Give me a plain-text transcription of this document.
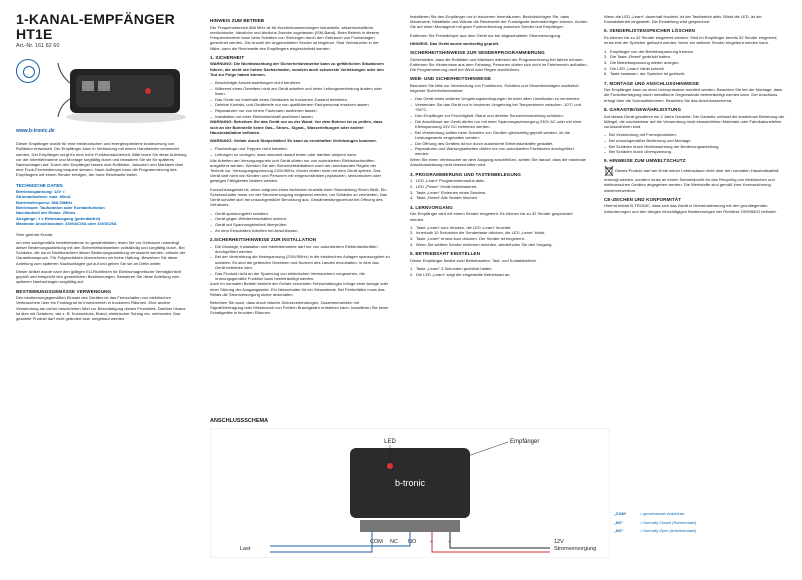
1-KANAL-EMPFÄNGER HT1E
Art.-Nr. 161 82 60
www.b-tronic.de

Dieser Empfänger wurde für eine elektronischen und energieoptimierte Ansteuerung von Rollläden entwickelt. Der Empfänger kann in Verbindung mit einem Handsender verwendet werden. Der Empfänger sorgt für eine hohe Funktionssicherheit. Bitte lesen Sie diese Anleitung vor der Inbetriebnahme und Montage sorgfältig durch und bewahren Sie sie für späteres Nachschlagen auf. Durch den Empfänger lassen sich Rollläden, Jalousien und Markisen über eine Funk-Fernbedienung bequem steuern. Nach Auflegen kann die Programmierung des Empfängers mit einem Sender erfolgen, der hohe Reichweite bietet.

TECHNISCHE DATEN
Betriebsspannung: 12V ≈
Stromaufnahme: max. 80mA
Betriebsfrequenz: 868,35MHz
Betriebsart: Taufunktion oder Kontaktfunktion
Nachlaufzeit der Relais: 250ms
Ausgänge: 1 x Relaisausgang (potentialfrei)
Maximale Anschlusslast: 230VAC/5A oder 24VDC/5A

Sehr geehrte Kunde,

um eine sachgemäße Inbetriebnahme zu gewährleisten, lesen Sie vor Gebrauch unbedingt dieser Bedienungsanleitung mit den Sicherheitshinweisen vollständig und sorgfältig durch. Bei Schäden, die durch Nichtbeachten dieser Bedienungsanleitung verursacht werden, erlischt der Garantieanspruch. Für Folgeschäden übernehmen wir keine Haftung. Bewahren Sie diese Anleitung zum späteren Nachschlagen gut auf und geben Sie sie an Dritte weiter.

Dieser Artikel wurde nach den gültigen EU-Richtlinien für Elektromagnetische Verträglichkeit geprüft und entspricht den gesetzlichen Bestimmungen. Bewahren Sie diese Anleitung zum späteren Nachschlagen sorgfältig auf.

BESTIMMUNGSGEMÄSSE VERWENDUNG

Den bestimmungsgemäßen Einsatz des Gerätes ist das Fernschalten von elektrischen Verbrauchern über ein Funksignal im Innenbereich in trockenen Räumen. Eine andere Verwendung als vorher beschrieben führt zur Beschädigung dieses Produktes. Darüber hinaus ist dies mit Gefahren, wie z. B. Kurzschluss, Brand, elektrischer Schlag etc. verbunden. Das gesamte Produkt darf nicht geändert bzw. umgebaut werden.

HINWEIS ZUM BETRIEB

Der Frequenzbereich 868 MHz ist für Kurzfunkanwendungen industrielle, wissenschaftliche, medizinische, häusliche und ähnliche Zwecke zugelassen (ISM-Band). Beim Betrieb in diesem Frequenzbereich kann beim Schalten von Störungen durch den Gebrauch von Funkanlagen gerechnet werden. Die Anzahl der angemeldeten Sender ist begrenzt. Sind Verbraucher in der Nähe, kann die Reichweite des Empfängers eingeschränkt werden.

1. SICHERHEIT

WARNUNG: Die Nichtbeachtung der Sicherheitshinweise kann zu gefährlichen Situationen führen, die nicht nur hohen Sachschaden, sondern auch schwerste Verletzungen oder den Tod zur Folge haben können.

– Beschädigte Anschlussleitungen nicht berühren.
– Während eines Gewitters nicht am Gerät arbeiten und keine Leitungsverbindung ändern oder lösen.
– Das Gerät nur innerhalb eines Gebäudes im trockenen Zustand betreiben.
– Defekte Kontakt- und Geräteteile nur von qualifiziertem Fachpersonal ersetzen lassen.
– Reparaturen nur von einem Fachmann ausführen lassen.
– Installation nur einer Elektrofachkraft ausführen lassen.

WARNUNG: Betreiben Sie das Gerät nur an der Wand. Vor dem Bohren ist zu prüfen, dass sich an der Bohrstelle keine Gas-, Strom-, Signal-, Wasserleitungen oder andere Hausinstallation befinden.

WARNUNG: Gefahr durch Stolperfallen! Es kann zu ernsthaften Verletzungen kommen.

– Flachmänge und Treppen nicht betreten.
– Leitungen so verlegen, dass niemand darauf treten oder darüber stolpern kann.

Alle Arbeiten am Versorgungsnetz und Gerät dürfen nur von autorisierten Elektrofachkräften ausgeführt werden. Wenden Sie den Sicherheitsleitsätzen nach den anerkannten Regeln der Technik vor. Versorgungsspannung 230V/50Hz, Kinder dürfen nicht mit dem Gerät spielen. Das Gerät darf nicht von Kindern und Personen mit eingeschränkten physischen, sensorischen oder geistigen Fähigkeiten bedient werden.

Kurzschlussgefahr ist, wenn aufgrund eines fachlichen Ausfalls einer Stromleitung Strom fließt. Ein Schutzschalter muss vor der Stromversorgung eingesetzt werden, um Schäden zu vermeiden. Das Gerät schaltet sich bei unsachgemäßer Benutzung aus. Gewährleistungsverlust bei Öffnung des Gehäuses.

– Gerät spannungsfrei schalten.
– Gerät gegen Wiedereinschalten sichern.
– Gerät auf Spannungsfreiheit überprüfen.
– An dem Einschalten Arbeiten bei Anschlüssen.
2.SICHERHEITSHINWEISE ZUR INSTALLATION
– Die Montage, Installation und Inbetriebnahme darf nur von autorisiertem Elektrofachkräften durchgeführt werden.
– Bei der Verdrahtung die Netzspannung (230V/50Hz) in die elektrischen Anlagen spannungsfrei zu schalten. Es sind die geltenden Gesetzen und Normen des Landes einzuhalten, in dem das Gerät betrieben wird.
– Das Produkt nicht an der Spannung von elektrischen Verbrauchern vorgesehen, die ordnungsgemäße Funktion kann beeinträchtigt werden.

Auch im normalen Betrieb besteht der Gefahr vernetzten Fehlschaltungen infolge einer Anlage oder einer Störung der Ausgangsseite. Ein Netzschalter für ein Gesamtnetz. Bei Fehlerfällen muss das Relais die Stromversorgung sicher abschalten.

Betreiben Sie auch, dass durch falsche Schutzverbindungen, Zusammenwirken mit Signalübertragung oder Missbrauch von Fehlern Brandgefahr entstehen kann. Installieren Sie keine Schaltgeräte in feuchten Räumen.

Installieren Sie den Empfänger nur in trockenen Innenräumen. Berücksichtigen Sie, dass Mauerwerk, Metallteile und Wände die Reichweite der Funksignale beeinträchtigen können. Achten Sie auf einen Montageort mit guter Funkverbindung zwischen Sender und Empfänger.

Entfernen Sie Fremdkörper aus dem Gerät nur bei abgeschalteter Stromversorgung.

HINWEIS: Das Gerät wurde werkseitig geprüft.

SICHERHEITSHINWEISE ZUR SENDERPROGRAMMIERUNG

Sicherstellen, dass die Rollläden und Markisen während der Programmierung frei fahren können. Entfernen Sie Hindernisse aus dem Fahrweg. Personen dürfen sich nicht im Fahrbereich aufhalten. Die Programmierung nicht bei Wind oder Regen durchführen.

WEB- UND SICHERHEITSHINWEISE

Benutzen Sie bitte zur Verwendung von Funktionen, Schalten und Gewerbeanlagen zusätzlich folgende Sicherheitshinweise:

– Das Gerät eines anderen Umgebungsbedingungen ist unter allen Umständen zu vermeiden.
– Verwenden Sie das Gerät nur in trockener Umgebung bei Temperaturen zwischen -10°C und +50°C.
– Den Empfänger vor Feuchtigkeit, Staub und direkter Sonneneinstrahlung schützen.
– Die Anschlüsse am Gerät dürfen nur mit einer Spannungsversorgung 230V AC oder mit einer Kleinspannung 24V DC betrieben werden.
– Bei Verwendung sollten beim Schalten von Geräten gleichzeitig geprüft werden, ob die Leistungswerte eingehalten werden.
– Die Öffnung des Gerätes ist nur durch autorisierte Elektrofachkräfte gestattet.
– Reparaturen und Wartungsarbeiten dürfen nur von autorisierten Fachleuten durchgeführt werden.

Wenn Sie einen Verbraucher an dem Ausgang anschließen, achten Sie darauf, dass die maximale Anschlussleistung nicht überschritten wird.

3. PROGRAMMIERUNG UND TASTENBELEGUNG
1. LED „Learn“ Programmiermodus aktiv.
2. LED „Power“ Gerät betriebsbereit.
3. Taste „Learn“ Einlernen eines Senders.
4. Taste „Reset“ Alle Sender löschen.
4. LERNVORGANG

Der Empfänger wird mit einem Sender eingelernt. Es können bis zu 32 Sender gespeichert werden.

1. Taste „Learn“ kurz drücken, die LED „Learn“ leuchtet.
2. Innerhalb 10 Sekunden die Sendertaste drücken, die LED „Learn“ blinkt.
3. Taste „Learn“ erneut kurz drücken. Der Sender ist eingelernt.
4. Wenn Sie weitere Sender einlernen möchten, wiederholen Sie den Vorgang.
5. BETRIEBSART EINSTELLEN

Dieser Empfänger besitzt zwei Betriebsarten: Tast- und Kontaktbetrieb.

1. Taste „Learn“ 3 Sekunden gedrückt halten.
2. Die LED „Learn“ zeigt die eingestellte Betriebsart an.

Wenn die LED „Learn“ dauerhaft leuchtet, ist der Tastbetrieb aktiv. Blinkt die LED, ist der Kontaktbetrieb eingestellt. Die Einstellung wird gespeichert.

6. SENDERLISTENSPEICHER LÖSCHEN

Es können bis zu 32 Sender eingelernt werden. Sind im Empfänger bereits 32 Sender eingelernt, muss erst der Speicher gelöscht werden, bevor ein weiterer Sender eingelernt werden kann.

1. Empfänger von der Betriebsspannung trennen.
2. Die Taste „Reset“ gedrückt halten.
3. Die Betriebsspannung wieder anlegen.
4. Die LED „Learn“ blinkt schnell.
5. Taste loslassen, der Speicher ist gelöscht.
7. MONTAGE UND ANSCHLUSSHINWEISE

Der Empfänger kann an einer Unterputzdose montiert werden. Beachten Sie bei der Montage, dass die Funkübertragung durch metallische Gegenstände beeinträchtigt werden kann. Der Anschluss erfolgt über die Schraubklemmen. Beachten Sie das Anschlussschema.

8. GARANTIE/GEWÄHRLEISTUNG

Auf dieses Gerät gewähren wir 2 Jahre Garantie. Die Garantie umfasst die kostenlose Behebung der Mängel, die nachweisbar auf die Verwendung nicht einwandfreien Materials oder Fabrikationsfehler zurückzuführen sind.

– Bei Verwendung mit Fremdprodukten.
– Bei unsachgemäßer Bedienung und Montage.
– Bei Schäden durch Nichtbeachtung der Bedienungsanleitung.
– Bei Schäden durch Überspannung.
9. HINWEISE ZUM UMWELTSCHUTZ

Dieses Produkt darf am Ende seiner Lebensdauer nicht über den normalen Haushaltsabfall entsorgt werden, sondern muss an einem Sammelpunkt für das Recycling von elektrischen und elektronischen Geräten abgegeben werden. Die Werkstoffe sind gemäß ihrer Kennzeichnung wiederverwertbar.

CE-ZEICHEN UND KONFORMITÄT

Hiermit erklärt B-TRONIC, dass sich das Gerät in Übereinstimmung mit den grundlegenden Anforderungen und den übrigen einschlägigen Bestimmungen der Richtlinie 1999/5/EG befindet.

ANSCHLUSSSCHEMA
b-tronic
LED	Empfänger
COM NC NO	+	-
Stromversorgung
12V
Last
„COM“	= gemeinsamer Anschluss
„NC“	= Normally Closed (Ruhekontakt)
„NO“	= Normally Open (Arbeitskontakt)
